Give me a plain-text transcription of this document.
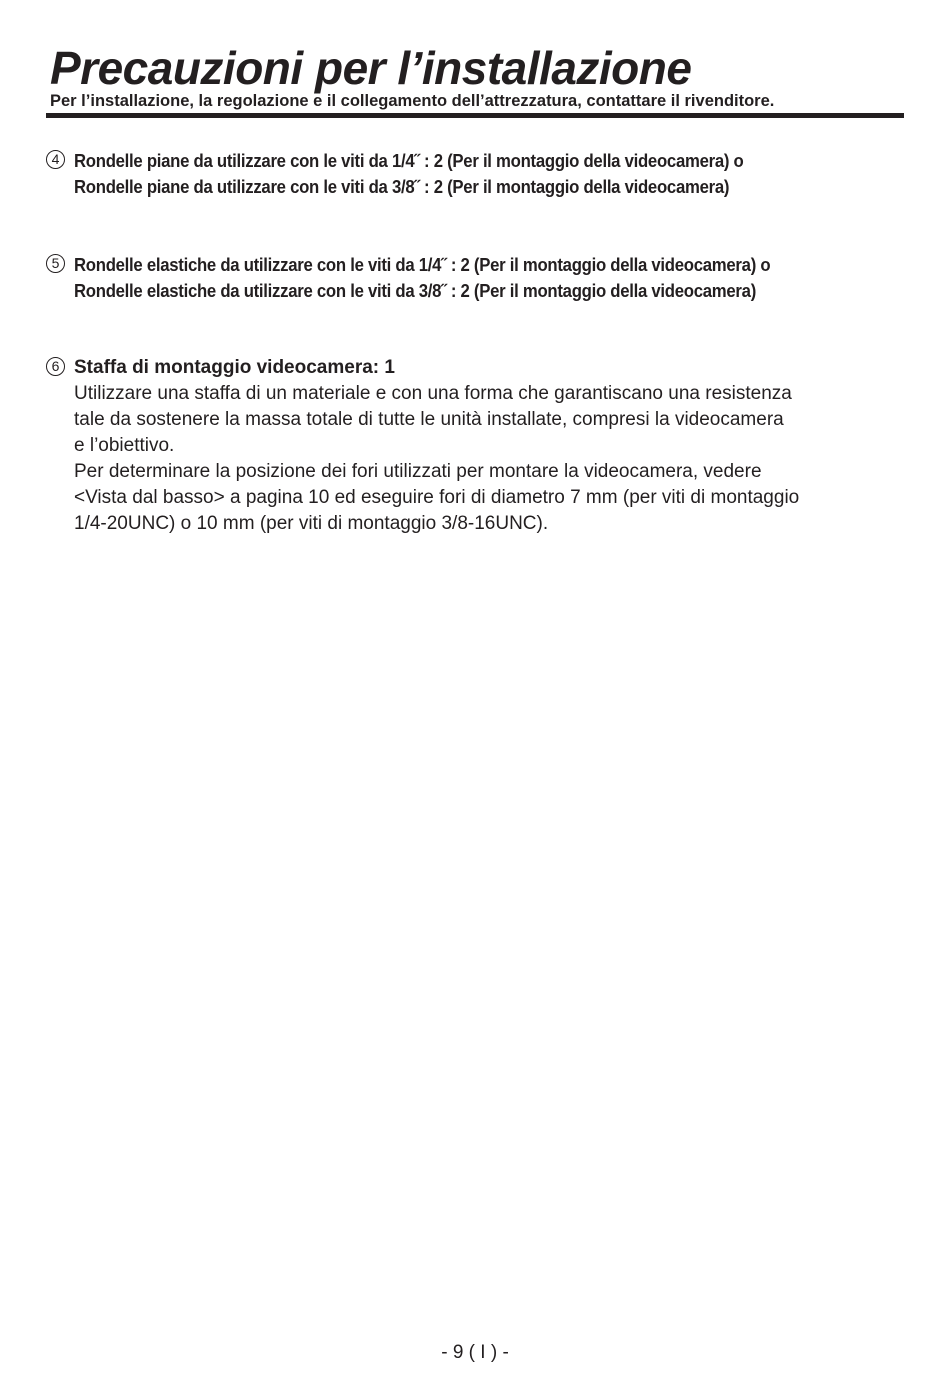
Precauzioni per l’installazione

Per l’installazione, la regolazione e il collegamento dell’attrezzatura, contattare il rivenditore.

4 Rondelle piane da utilizzare con le viti da 1/4˝ : 2 (Per il montaggio della videocamera) o
Rondelle piane da utilizzare con le viti da 3/8˝ : 2 (Per il montaggio della videocamera)
5 Rondelle elastiche da utilizzare con le viti da 1/4˝ : 2 (Per il montaggio della videocamera) o
Rondelle elastiche da utilizzare con le viti da 3/8˝ : 2 (Per il montaggio della videocamera)
6 Staffa di montaggio videocamera: 1
Utilizzare una staffa di un materiale e con una forma che garantiscano una resistenza
tale da sostenere la massa totale di tutte le unità installate, compresi la videocamera
e l’obiettivo.
Per determinare la posizione dei fori utilizzati per montare la videocamera, vedere
<Vista dal basso> a pagina 10 ed eseguire fori di diametro 7 mm (per viti di montaggio
1/4-20UNC) o 10 mm (per viti di montaggio 3/8-16UNC).
- 9 ( I ) -
